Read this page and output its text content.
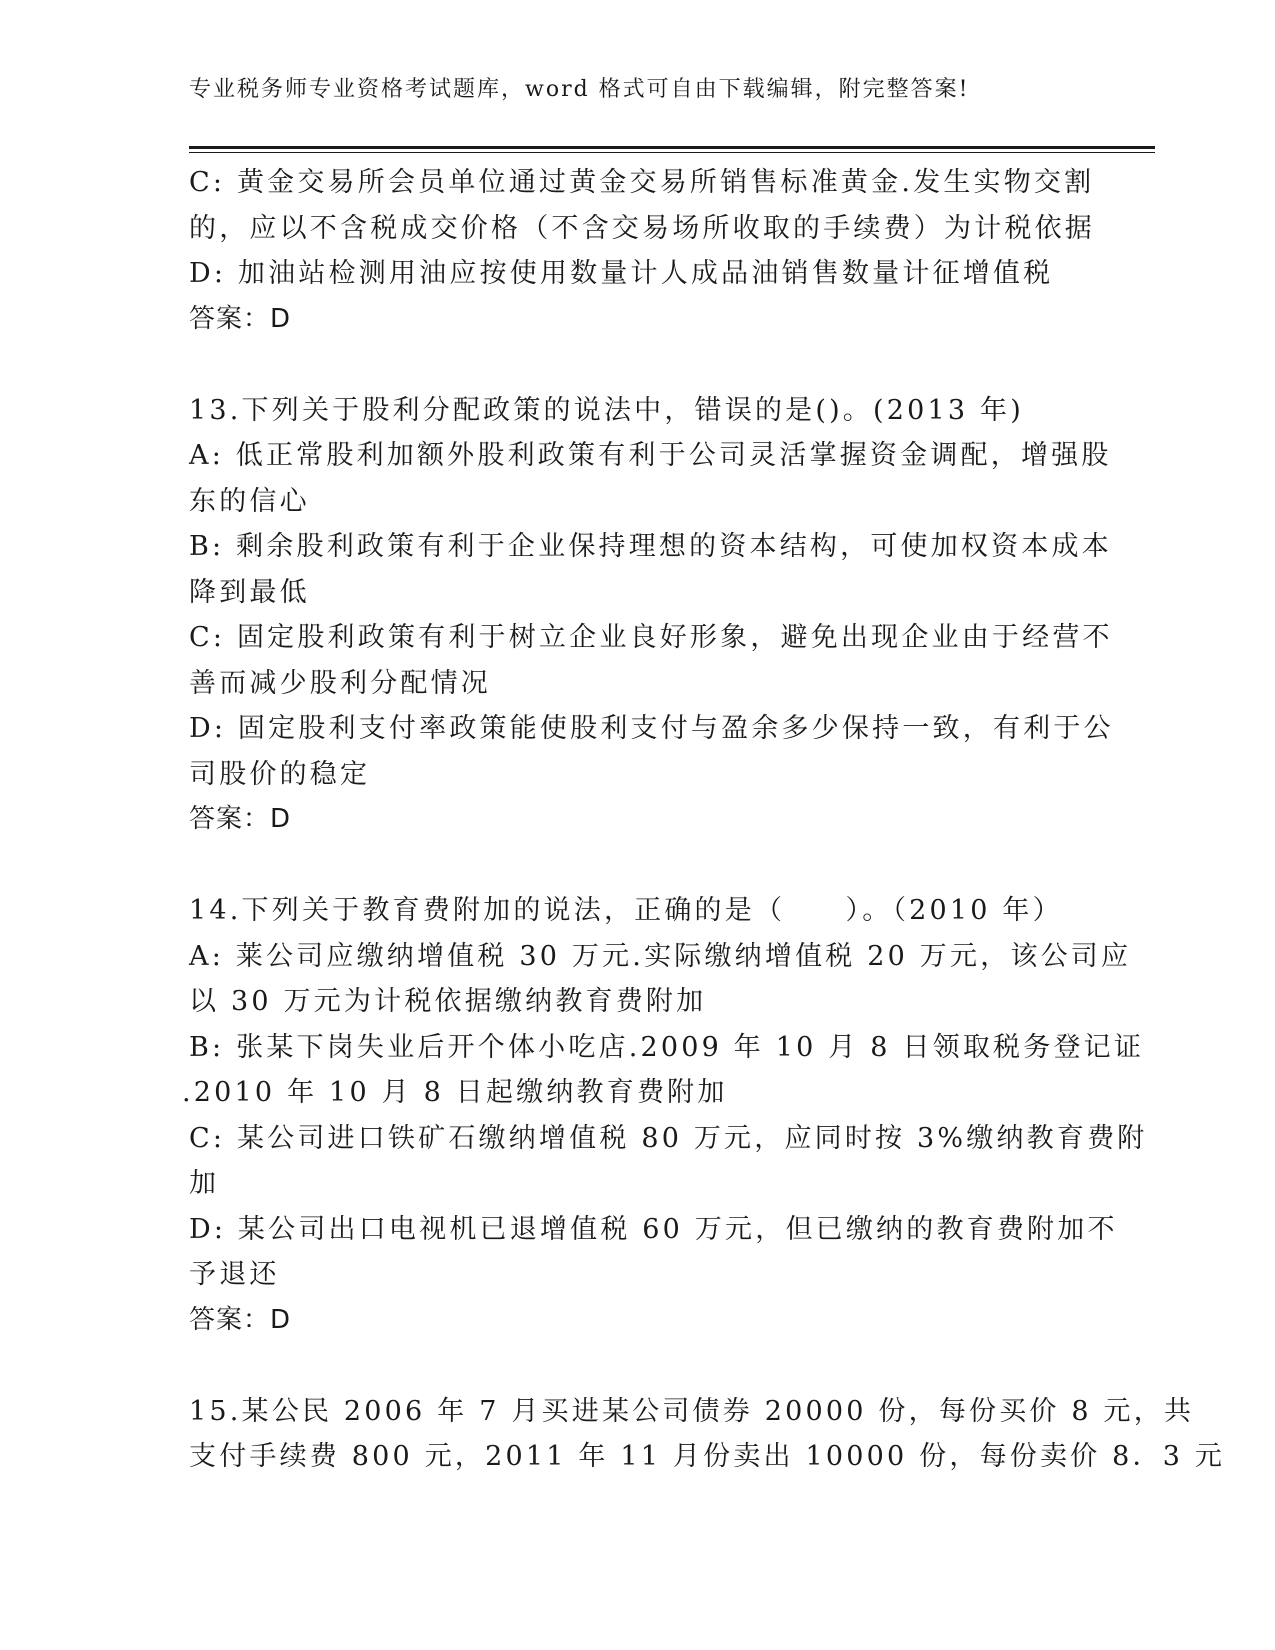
专业税务师专业资格考试题库，word 格式可自由下载编辑，附完整答案!
C: 黄金交易所会员单位通过黄金交易所销售标准黄金.发生实物交割
的，应以不含税成交价格（不含交易场所收取的手续费）为计税依据
D: 加油站检测用油应按使用数量计人成品油销售数量计征增值税
答案：D
13.下列关于股利分配政策的说法中，错误的是()。(2013 年)
A: 低正常股利加额外股利政策有利于公司灵活掌握资金调配，增强股
东的信心
B: 剩余股利政策有利于企业保持理想的资本结构，可使加权资本成本
降到最低
C: 固定股利政策有利于树立企业良好形象，避免出现企业由于经营不
善而减少股利分配情况
D: 固定股利支付率政策能使股利支付与盈余多少保持一致，有利于公
司股价的稳定
答案：D
14.下列关于教育费附加的说法，正确的是（　　）。（2010 年）
A: 莱公司应缴纳增值税 30 万元.实际缴纳增值税 20 万元，该公司应
以 30 万元为计税依据缴纳教育费附加
B: 张某下岗失业后开个体小吃店.2009 年 10 月 8 日领取税务登记证
.2010 年 10 月 8 日起缴纳教育费附加
C: 某公司进口铁矿石缴纳增值税 80 万元，应同时按 3%缴纳教育费附
加
D: 某公司出口电视机已退增值税 60 万元，但已缴纳的教育费附加不
予退还
答案：D
15.某公民 2006 年 7 月买进某公司债券 20000 份，每份买价 8 元，共
支付手续费 800 元，2011 年 11 月份卖出 10000 份，每份卖价 8．3 元
